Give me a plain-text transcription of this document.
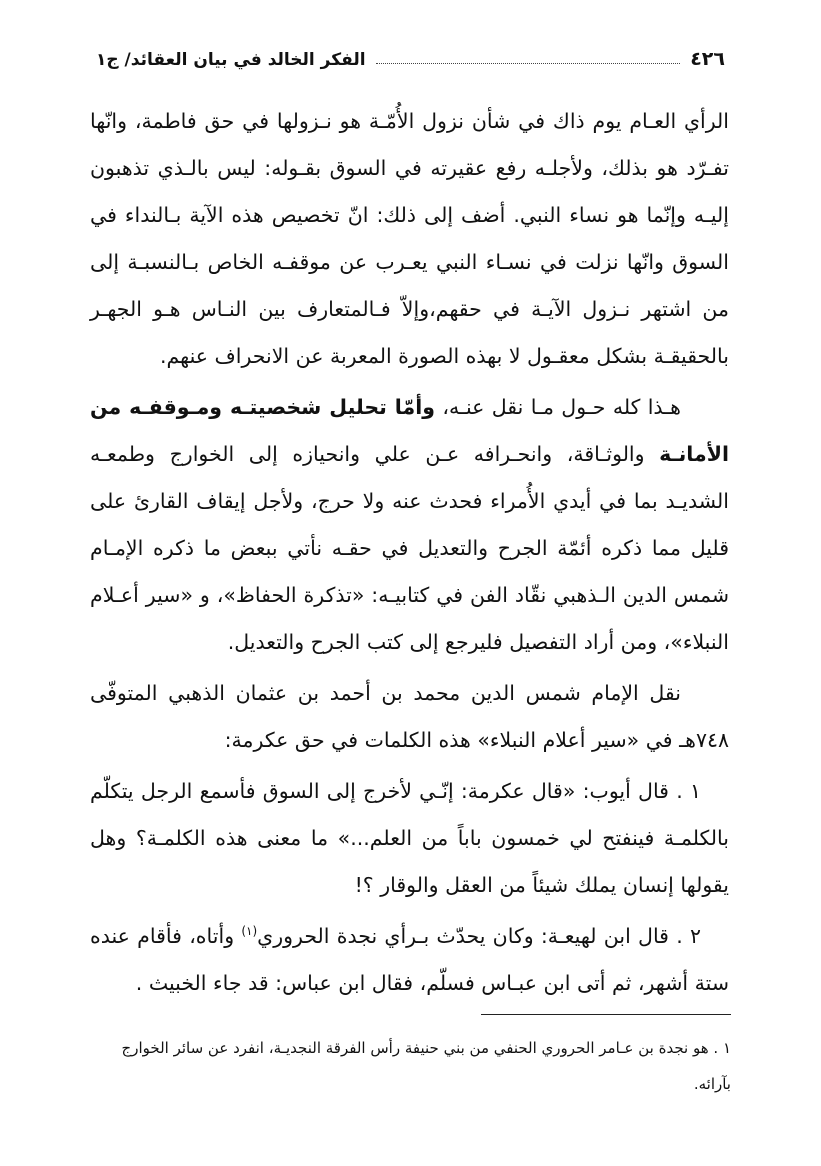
٤٢٦
الفكر الخالد في بيان العقائد/ ج١

الرأي العـام يوم ذاك في شأن نزول الأُمّـة هو نـزولها في حق فاطمة، وانّها تفـرّد هو بذلك، ولأجلـه رفع عقيرته في السوق بقـوله: ليس بالـذي تذهبون إليـه وإنّما هو نساء النبي. أضف إلى ذلك: انّ تخصيص هذه الآية بـالنداء في السوق وانّها نزلت في نسـاء النبي يعـرب عن موقفـه الخاص بـالنسبـة إلى من اشتهر نـزول الآيـة في حقهم،وإلاّ فـالمتعارف بين النـاس هـو الجهـر بالحقيقـة بشكل معقـول لا بهذه الصورة المعربة عن الانحراف عنهم.

هـذا كله حـول مـا نقل عنـه، وأمّا تحليل شخصيتـه ومـوقفـه من الأمانـة والوثـاقة، وانحـرافه عـن علي وانحيازه إلى الخوارج وطمعـه الشديـد بما في أيدي الأُمراء فحدث عنه ولا حرج، ولأجل إيقاف القارئ على قليل مما ذكره أئمّة الجرح والتعديل في حقـه نأتي ببعض ما ذكره الإمـام شمس الدين الـذهبي نقّاد الفن في كتابيـه: «تذكرة الحفاظ»، و «سير أعـلام النبلاء»، ومن أراد التفصيل فليرجع إلى كتب الجرح والتعديل.

نقل الإمام شمس الدين محمد بن أحمد بن عثمان الذهبي المتوفّى ٧٤٨هـ في «سير أعلام النبلاء» هذه الكلمات في حق عكرمة:

١ . قال أيوب: «قال عكرمة: إنّـي لأخرج إلى السوق فأسمع الرجل يتكلّم بالكلمـة فينفتح لي خمسون باباً من العلم...» ما معنى هذه الكلمـة؟ وهل يقولها إنسان يملك شيئاً من العقل والوقار ؟!

٢ . قال ابن لهيعـة: وكان يحدّث بـرأي نجدة الحروري$^{(١)}$ وأتاه، فأقام عنده ستة أشهر، ثم أتى ابن عبـاس فسلّم، فقال ابن عباس: قد جاء الخبيث .

١ . هو نجدة بن عـامر الحروري الحنفي من بني حنيفة رأس الفرقة النجديـة، انفرد عن سائر الخوارج بآرائه.
